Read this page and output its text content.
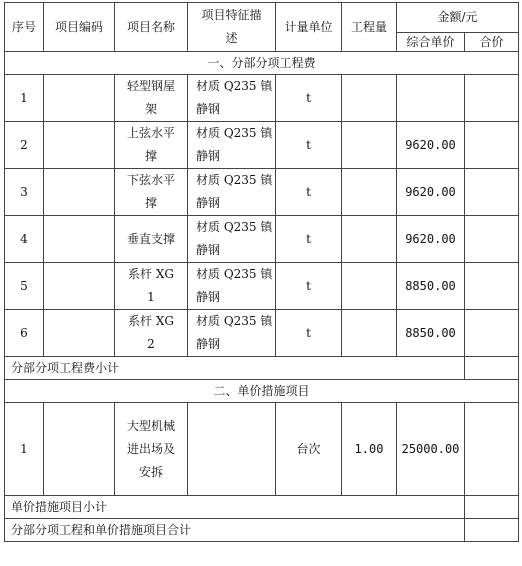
序号	项目编码	项目名称	项目特征描述	计量单位	工程量	金额/元	
						综合单价	合价
一、分部分项工程费							
1		轻型钢屋架	材质 Q235 镇静钢	t			
2		上弦水平撑	材质 Q235 镇静钢	t		9620.00	
3		下弦水平撑	材质 Q235 镇静钢	t		9620.00	
4		垂直支撑	材质 Q235 镇静钢	t		9620.00	
5		系杆 XG1	材质 Q235 镇静钢	t		8850.00	
6		系杆 XG2	材质 Q235 镇静钢	t		8850.00	
分部分项工程费小计							
二、单价措施项目							
1		大型机械进出场及安拆		台次	1.00	25000.00	
单价措施项目小计							
分部分项工程和单价措施项目合计							
